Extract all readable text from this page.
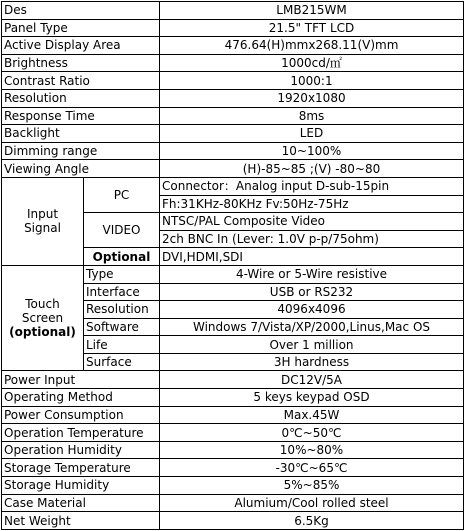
Des		LMB215WM
Panel Type		21.5" TFT LCD
Active Display Area		476.64(H)mmx268.11(V)mm
Brightness		1000cd/㎡
Contrast Ratio		1000:1
Resolution		1920x1080
Response Time		8ms
Backlight		LED
Dimming range		10~100%
Viewing Angle		(H)-85~85 ;(V) -80~80

Input
Signal	PC	Connector：Analog input D-sub-15pin
		Fh:31KHz-80KHz Fv:50Hz-75Hz
	VIDEO	NTSC/PAL Composite Video
		2ch BNC In (Lever: 1.0V p-p/75ohm)
	Optional	DVI,HDMI,SDI

Touch
Screen
(optional)	Type	4-Wire or 5-Wire resistive
	Interface	USB or RS232
	Resolution	4096x4096
	Software	Windows 7/Vista/XP/2000,Linus,Mac OS
	Life	Over 1 million
	Surface	3H hardness
Power Input		DC12V/5A
Operating Method		5 keys keypad OSD
Power Consumption		Max.45W
Operation Temperature		0℃~50℃
Operation Humidity		10%~80%
Storage Temperature		-30℃~65℃
Storage Humidity		5%~85%
Case Material		Alumium/Cool rolled steel
Net Weight		6.5Kg
